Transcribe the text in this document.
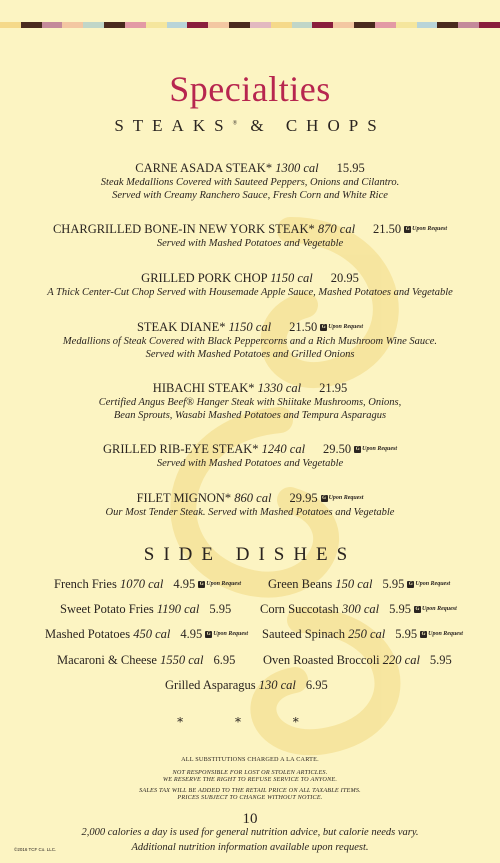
Specialties
STEAKS® & CHOPS
CARNE ASADA STEAK* 1300 cal 15.95
Steak Medallions Covered with Sauteed Peppers, Onions and Cilantro.
Served with Creamy Ranchero Sauce, Fresh Corn and White Rice
CHARGRILLED BONE-IN NEW YORK STEAK* 870 cal 21.50 G Upon Request
Served with Mashed Potatoes and Vegetable
GRILLED PORK CHOP 1150 cal 20.95
A Thick Center-Cut Chop Served with Housemade Apple Sauce, Mashed Potatoes and Vegetable
STEAK DIANE* 1150 cal 21.50 G Upon Request
Medallions of Steak Covered with Black Peppercorns and a Rich Mushroom Wine Sauce.
Served with Mashed Potatoes and Grilled Onions
HIBACHI STEAK* 1330 cal 21.95
Certified Angus Beef® Hanger Steak with Shiitake Mushrooms, Onions,
Bean Sprouts, Wasabi Mashed Potatoes and Tempura Asparagus
GRILLED RIB-EYE STEAK* 1240 cal 29.50 G Upon Request
Served with Mashed Potatoes and Vegetable
FILET MIGNON* 860 cal 29.95 G Upon Request
Our Most Tender Steak. Served with Mashed Potatoes and Vegetable
SIDE DISHES
French Fries 1070 cal 4.95 G Upon Request Green Beans 150 cal 5.95 G Upon Request
Sweet Potato Fries 1190 cal 5.95 Corn Succotash 300 cal 5.95 G Upon Request
Mashed Potatoes 450 cal 4.95 G Upon Request Sauteed Spinach 250 cal 5.95 G Upon Request
Macaroni & Cheese 1550 cal 6.95 Oven Roasted Broccoli 220 cal 5.95
Grilled Asparagus 130 cal 6.95
* * *
ALL SUBSTITUTIONS CHARGED A LA CARTE.
NOT RESPONSIBLE FOR LOST OR STOLEN ARTICLES.
WE RESERVE THE RIGHT TO REFUSE SERVICE TO ANYONE.
SALES TAX WILL BE ADDED TO THE RETAIL PRICE ON ALL TAXABLE ITEMS.
PRICES SUBJECT TO CHANGE WITHOUT NOTICE.
10
2,000 calories a day is used for general nutrition advice, but calorie needs vary.
Additional nutrition information available upon request.
©2016 TCF Co. LLC.
